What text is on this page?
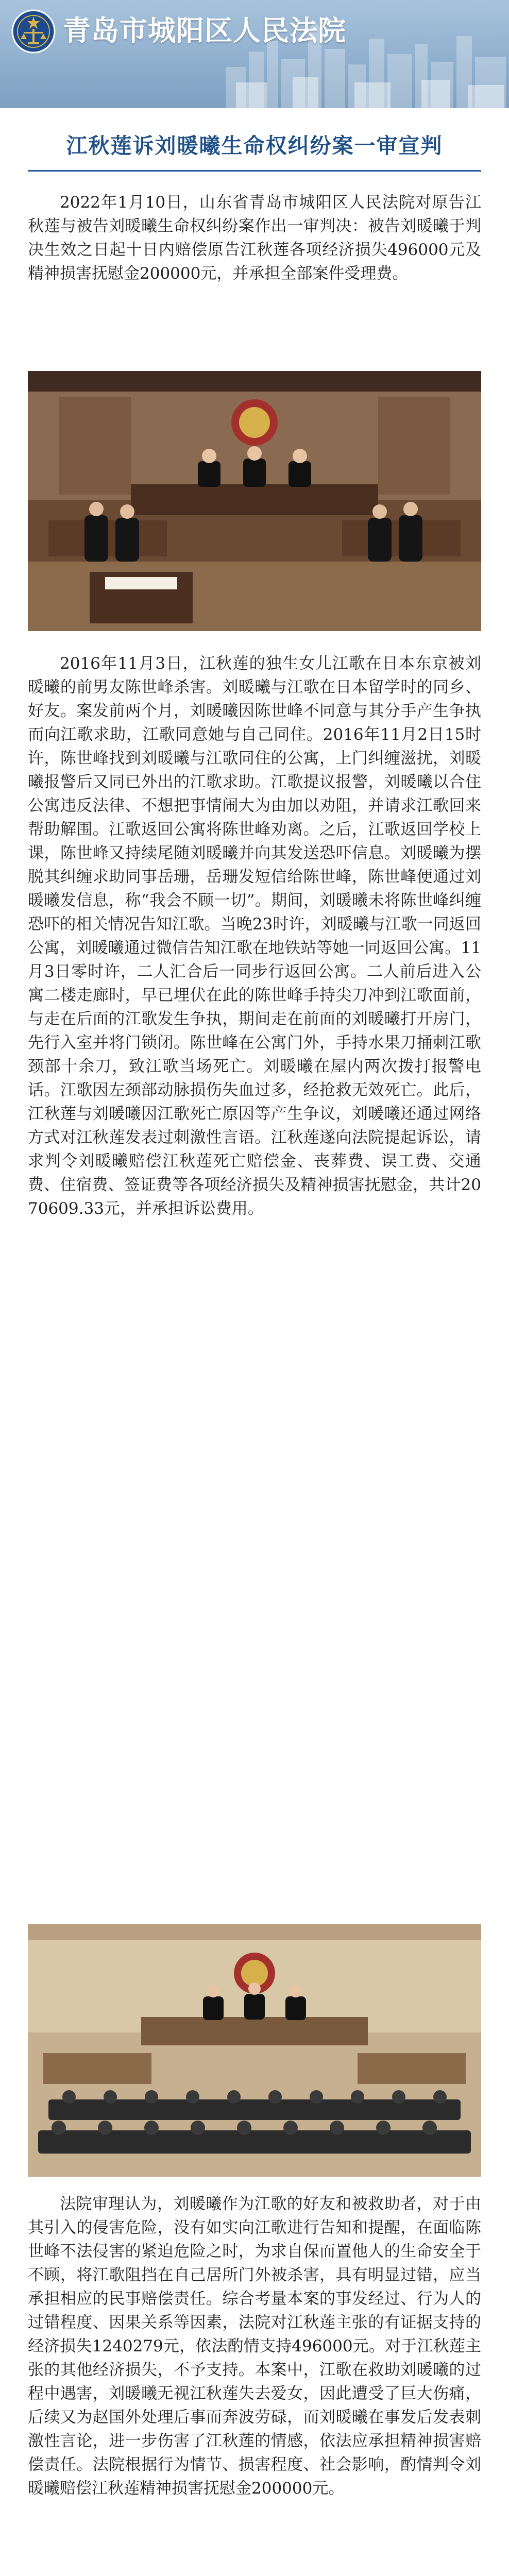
青岛市城阳区人民法院
江秋莲诉刘暖曦生命权纠纷案一审宣判

2022年1月10日，山东省青岛市城阳区人民法院对原告江秋莲与被告刘暖曦生命权纠纷案作出一审判决：被告刘暖曦于判决生效之日起十日内赔偿原告江秋莲各项经济损失496000元及精神损害抚慰金200000元，并承担全部案件受理费。

2016年11月3日，江秋莲的独生女儿江歌在日本东京被刘暖曦的前男友陈世峰杀害。刘暖曦与江歌在日本留学时的同乡、好友。案发前两个月，刘暖曦因陈世峰不同意与其分手产生争执而向江歌求助，江歌同意她与自己同住。2016年11月2日15时许，陈世峰找到刘暖曦与江歌同住的公寓，上门纠缠滋扰，刘暖曦报警后又同已外出的江歌求助。江歌提议报警，刘暖曦以合住公寓违反法律、不想把事情闹大为由加以劝阻，并请求江歌回来帮助解围。江歌返回公寓将陈世峰劝离。之后，江歌返回学校上课，陈世峰又持续尾随刘暖曦并向其发送恐吓信息。刘暖曦为摆脱其纠缠求助同事岳珊，岳珊发短信给陈世峰，陈世峰便通过刘暖曦发信息，称“我会不顾一切”。期间，刘暖曦未将陈世峰纠缠恐吓的相关情况告知江歌。当晚23时许，刘暖曦与江歌一同返回公寓，刘暖曦通过微信告知江歌在地铁站等她一同返回公寓。11月3日零时许，二人汇合后一同步行返回公寓。二人前后进入公寓二楼走廊时，早已埋伏在此的陈世峰手持尖刀冲到江歌面前，与走在后面的江歌发生争执，期间走在前面的刘暖曦打开房门，先行入室并将门锁闭。陈世峰在公寓门外，手持水果刀捅刺江歌颈部十余刀，致江歌当场死亡。刘暖曦在屋内两次拨打报警电话。江歌因左颈部动脉损伤失血过多，经抢救无效死亡。此后，江秋莲与刘暖曦因江歌死亡原因等产生争议，刘暖曦还通过网络方式对江秋莲发表过刺激性言语。江秋莲遂向法院提起诉讼，请求判令刘暖曦赔偿江秋莲死亡赔偿金、丧葬费、误工费、交通费、住宿费、签证费等各项经济损失及精神损害抚慰金，共计2070609.33元，并承担诉讼费用。

法院审理认为，刘暖曦作为江歌的好友和被救助者，对于由其引入的侵害危险，没有如实向江歌进行告知和提醒，在面临陈世峰不法侵害的紧迫危险之时，为求自保而置他人的生命安全于不顾，将江歌阻挡在自己居所门外被杀害，具有明显过错，应当承担相应的民事赔偿责任。综合考量本案的事发经过、行为人的过错程度、因果关系等因素，法院对江秋莲主张的有证据支持的经济损失1240279元，依法酌情支持496000元。对于江秋莲主张的其他经济损失，不予支持。本案中，江歌在救助刘暖曦的过程中遇害，刘暖曦无视江秋莲失去爱女，因此遭受了巨大伤痛，后续又为赵国外处理后事而奔波劳碌，而刘暖曦在事发后发表刺激性言论，进一步伤害了江秋莲的情感，依法应承担精神损害赔偿责任。法院根据行为情节、损害程度、社会影响，酌情判令刘暖曦赔偿江秋莲精神损害抚慰金200000元。
